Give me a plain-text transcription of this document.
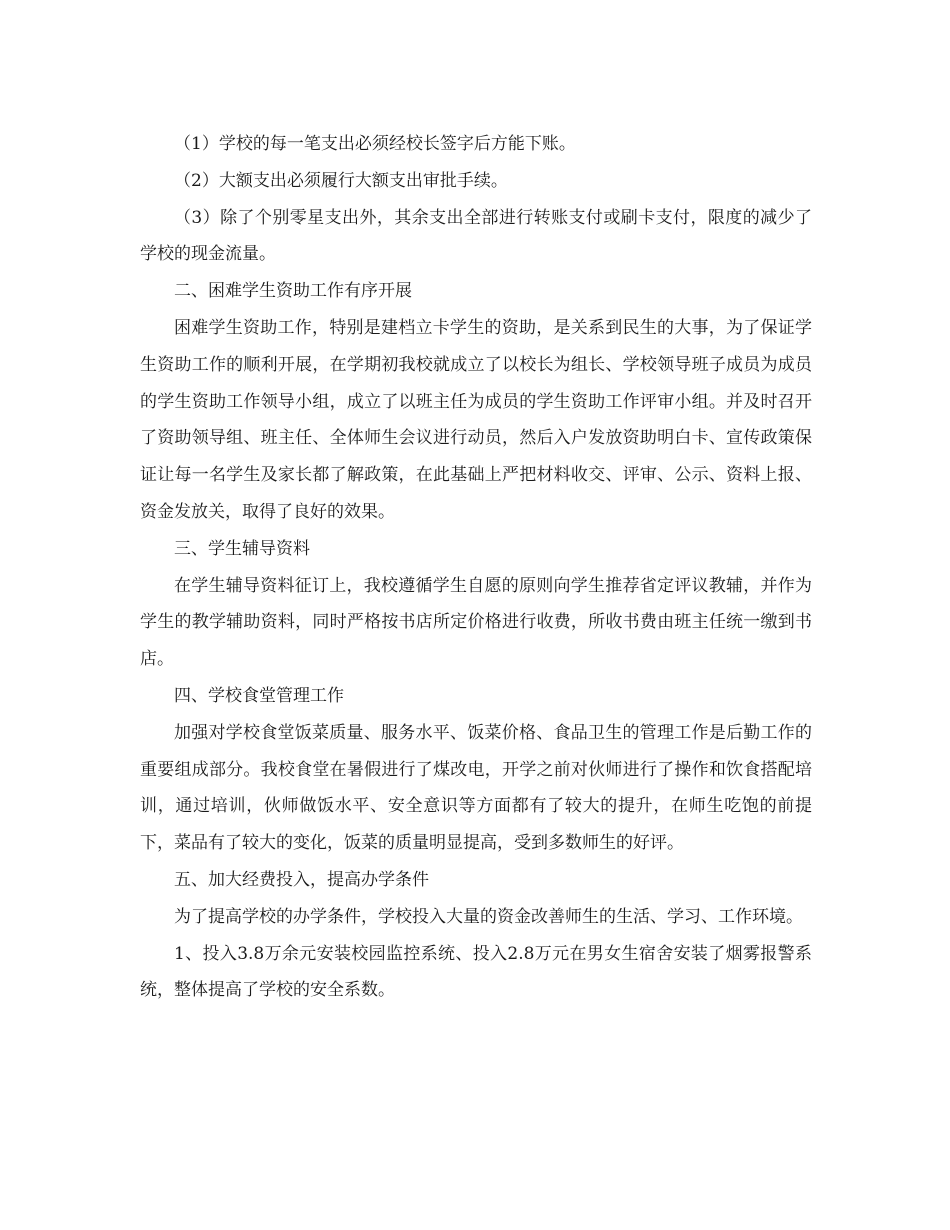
（1）学校的每一笔支出必须经校长签字后方能下账。

（2）大额支出必须履行大额支出审批手续。

（3）除了个别零星支出外，其余支出全部进行转账支付或刷卡支付，限度的减少了学校的现金流量。

二、困难学生资助工作有序开展

困难学生资助工作，特别是建档立卡学生的资助，是关系到民生的大事，为了保证学生资助工作的顺利开展，在学期初我校就成立了以校长为组长、学校领导班子成员为成员的学生资助工作领导小组，成立了以班主任为成员的学生资助工作评审小组。并及时召开了资助领导组、班主任、全体师生会议进行动员，然后入户发放资助明白卡、宣传政策保证让每一名学生及家长都了解政策，在此基础上严把材料收交、评审、公示、资料上报、资金发放关，取得了良好的效果。

三、学生辅导资料

在学生辅导资料征订上，我校遵循学生自愿的原则向学生推荐省定评议教辅，并作为学生的教学辅助资料，同时严格按书店所定价格进行收费，所收书费由班主任统一缴到书店。

四、学校食堂管理工作

加强对学校食堂饭菜质量、服务水平、饭菜价格、食品卫生的管理工作是后勤工作的重要组成部分。我校食堂在暑假进行了煤改电，开学之前对伙师进行了操作和饮食搭配培训，通过培训，伙师做饭水平、安全意识等方面都有了较大的提升，在师生吃饱的前提下，菜品有了较大的变化，饭菜的质量明显提高，受到多数师生的好评。

五、加大经费投入，提高办学条件

为了提高学校的办学条件，学校投入大量的资金改善师生的生活、学习、工作环境。

1、投入3.8万余元安装校园监控系统、投入2.8万元在男女生宿舍安装了烟雾报警系统，整体提高了学校的安全系数。
